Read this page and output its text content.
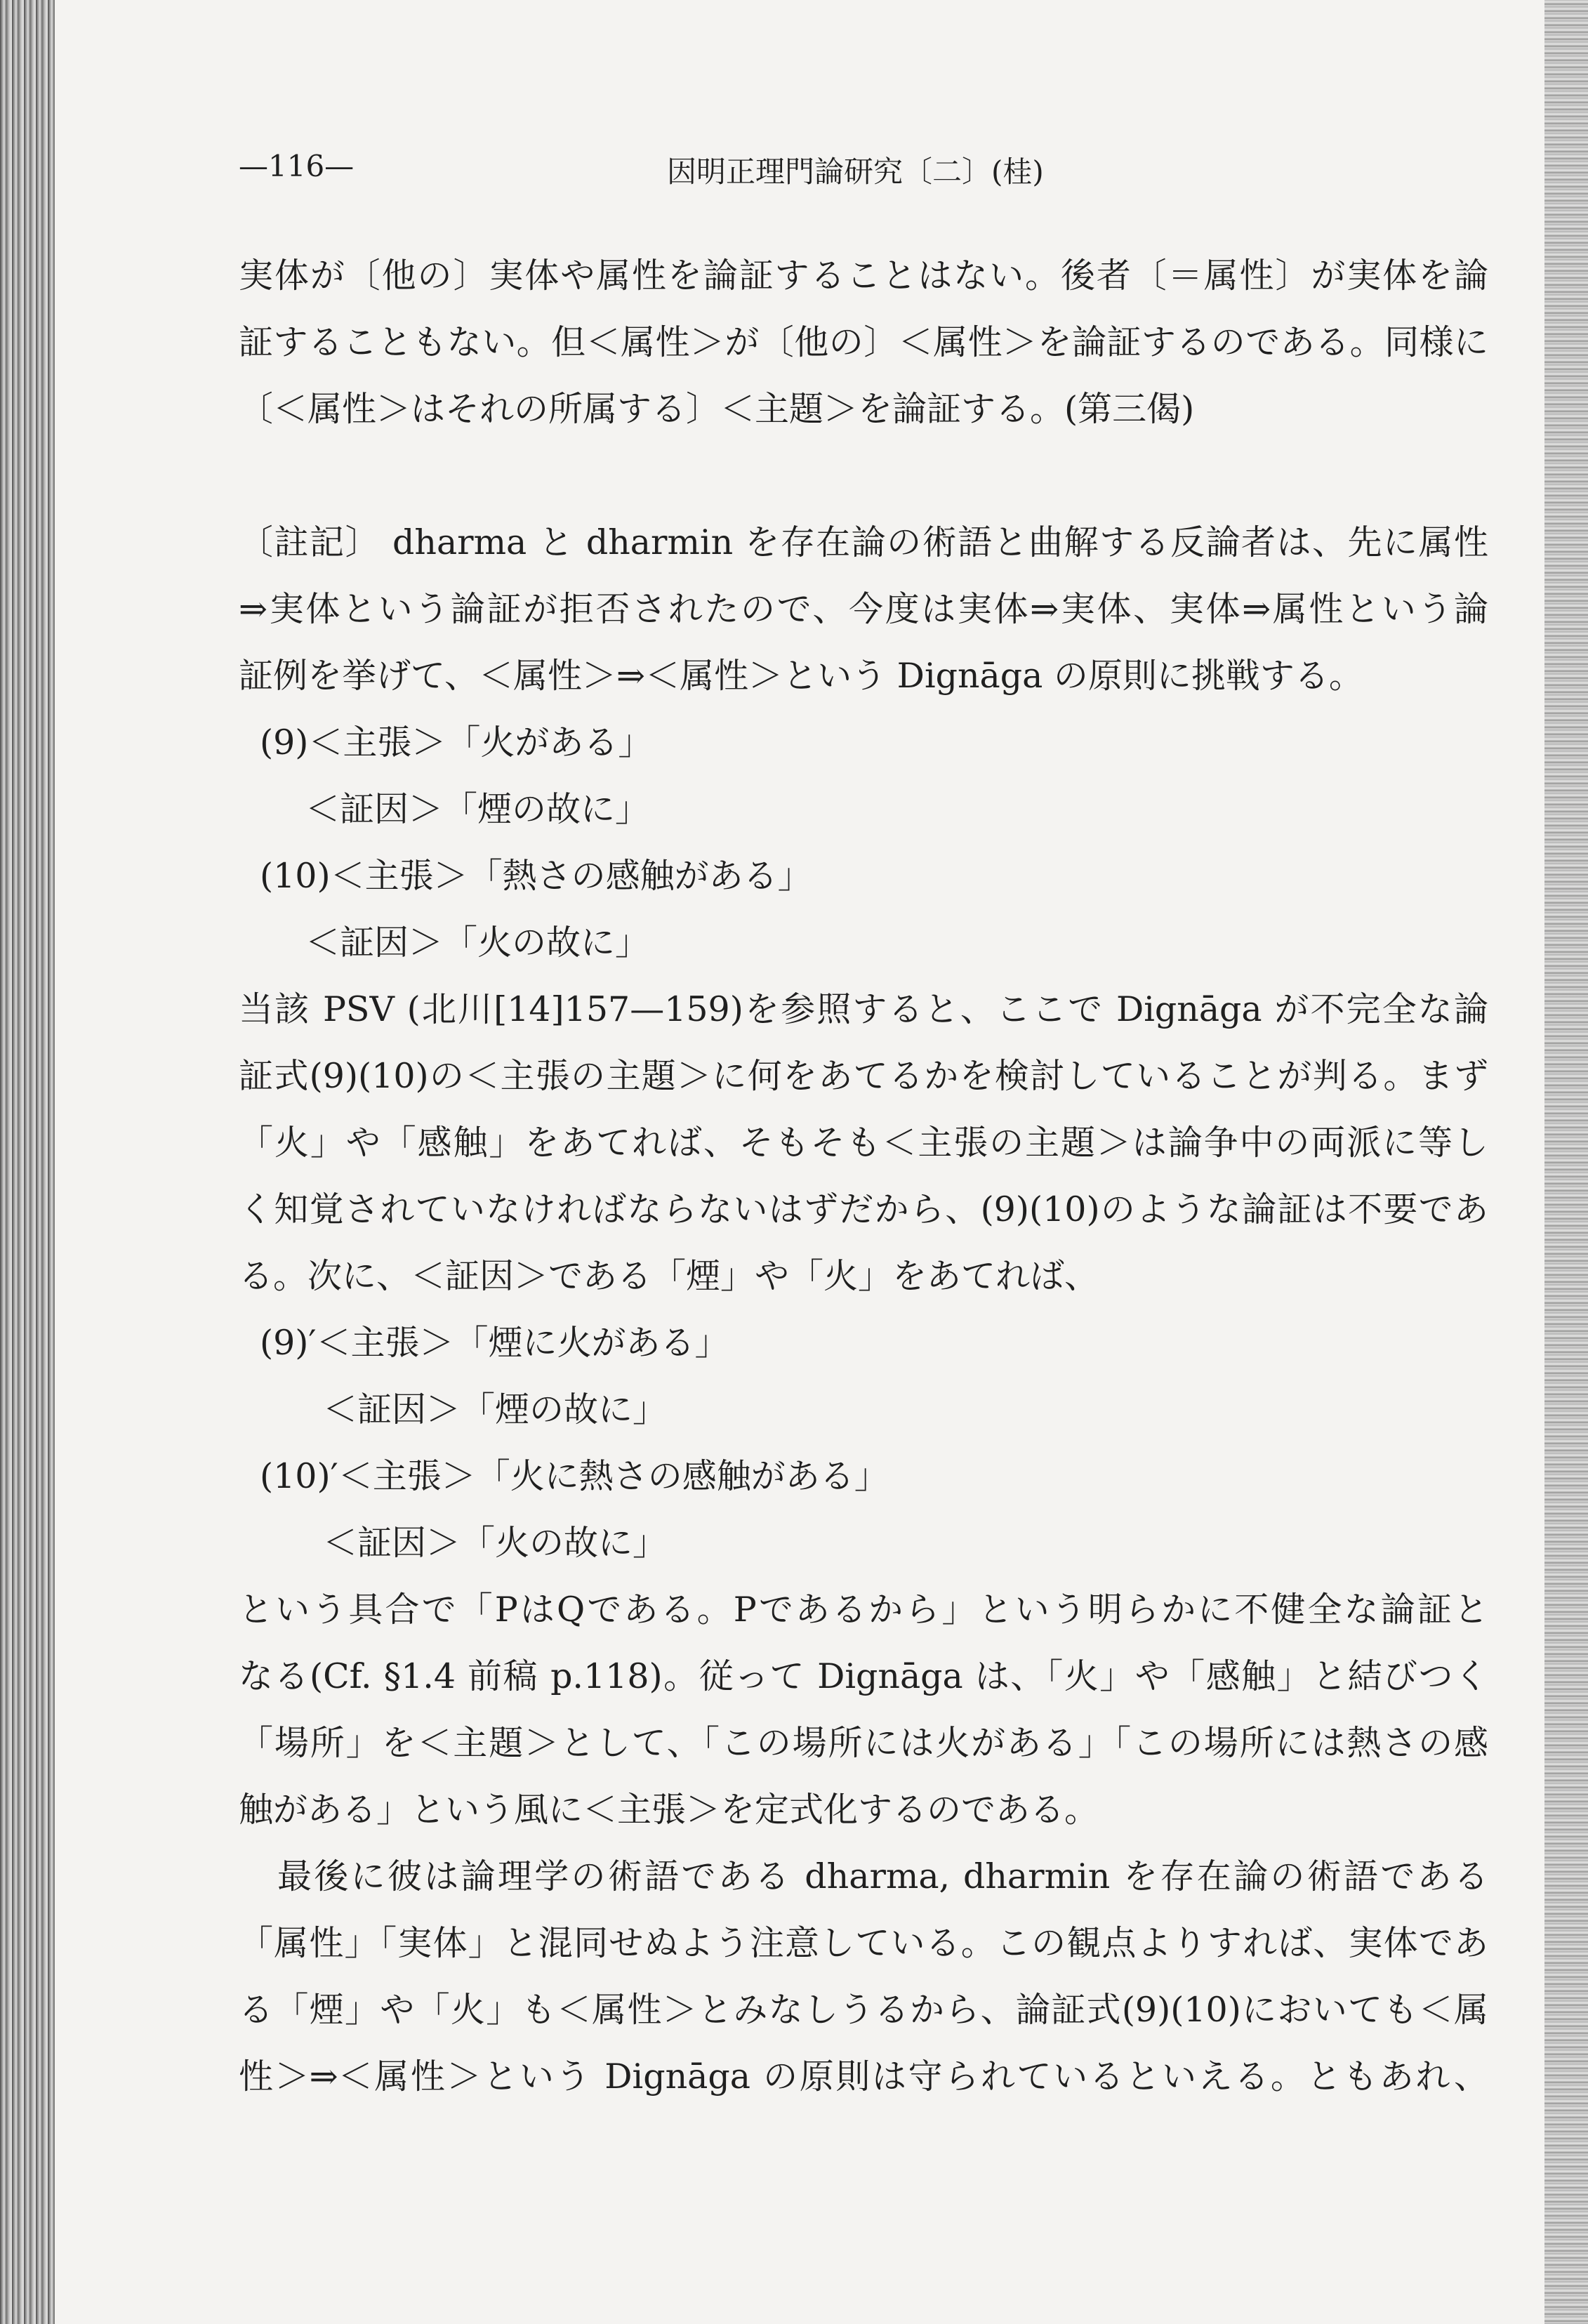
—116—	因明正理門論研究〔二〕(桂)
実体が〔他の〕実体や属性を論証することはない。後者〔＝属性〕が実体を論
証することもない。但＜属性＞が〔他の〕＜属性＞を論証するのである。同様に
〔＜属性＞はそれの所属する〕＜主題＞を論証する。(第三偈)
〔註記〕 dharma と dharmin を存在論の術語と曲解する反論者は、先に属性
⇒実体という論証が拒否されたので、今度は実体⇒実体、実体⇒属性という論
証例を挙げて、＜属性＞⇒＜属性＞という Dignāga の原則に挑戦する。
(9)＜主張＞「火がある」
＜証因＞「煙の故に」
(10)＜主張＞「熱さの感触がある」
＜証因＞「火の故に」
当該 PSV (北川[14]157—159)を参照すると、ここで Dignāga が不完全な論
証式(9)(10)の＜主張の主題＞に何をあてるかを検討していることが判る。まず
「火」や「感触」をあてれば、そもそも＜主張の主題＞は論争中の両派に等し
く知覚されていなければならないはずだから、(9)(10)のような論証は不要であ
る。次に、＜証因＞である「煙」や「火」をあてれば、
(9)′＜主張＞「煙に火がある」
＜証因＞「煙の故に」
(10)′＜主張＞「火に熱さの感触がある」
＜証因＞「火の故に」
という具合で「PはQである。Pであるから」という明らかに不健全な論証と
なる(Cf. §1.4 前稿 p.118)。従って Dignāga は、「火」や「感触」と結びつく
「場所」を＜主題＞として、「この場所には火がある」「この場所には熱さの感
触がある」という風に＜主張＞を定式化するのである。
最後に彼は論理学の術語である dharma, dharmin を存在論の術語である
「属性」「実体」と混同せぬよう注意している。この観点よりすれば、実体であ
る「煙」や「火」も＜属性＞とみなしうるから、論証式(9)(10)においても＜属
性＞⇒＜属性＞という Dignāga の原則は守られているといえる。ともあれ、
